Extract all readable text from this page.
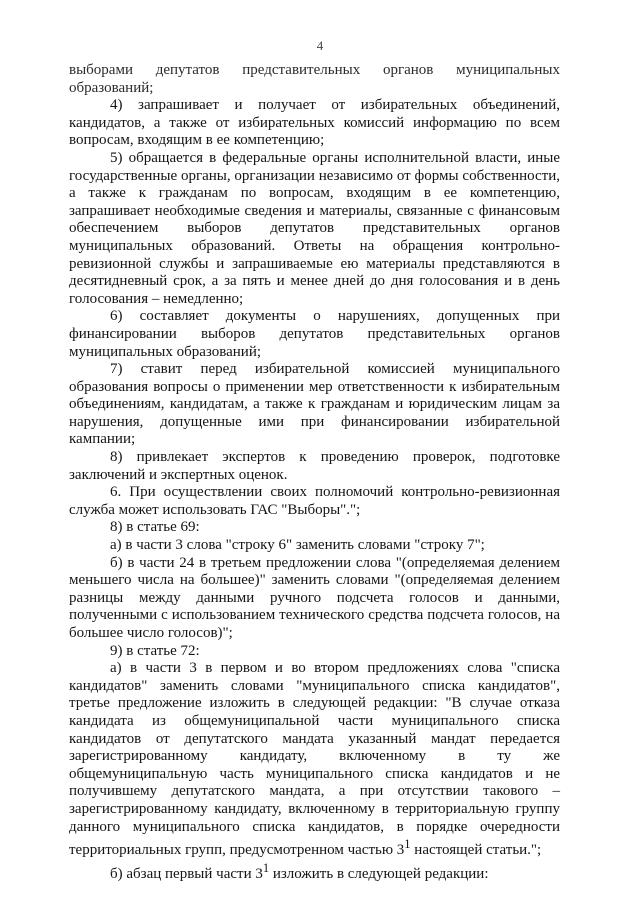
4

выборами депутатов представительных органов муниципальных образований;

4) запрашивает и получает от избирательных объединений, кандидатов, а также от избирательных комиссий информацию по всем вопросам, входящим в ее компетенцию;

5) обращается в федеральные органы исполнительной власти, иные государственные органы, организации независимо от формы собственности, а также к гражданам по вопросам, входящим в ее компетенцию, запрашивает необходимые сведения и материалы, связанные с финансовым обеспечением выборов депутатов представительных органов муниципальных образований. Ответы на обращения контрольно-ревизионной службы и запрашиваемые ею материалы представляются в десятидневный срок, а за пять и менее дней до дня голосования и в день голосования – немедленно;

6) составляет документы о нарушениях, допущенных при финансировании выборов депутатов представительных органов муниципальных образований;

7) ставит перед избирательной комиссией муниципального образования вопросы о применении мер ответственности к избирательным объединениям, кандидатам, а также к гражданам и юридическим лицам за нарушения, допущенные ими при финансировании избирательной кампании;

8) привлекает экспертов к проведению проверок, подготовке заключений и экспертных оценок.

6. При осуществлении своих полномочий контрольно-ревизионная служба может использовать ГАС "Выборы".";

8) в статье 69:

а) в части 3 слова "строку 6" заменить словами "строку 7";

б) в части 24 в третьем предложении слова "(определяемая делением меньшего числа на большее)" заменить словами "(определяемая делением разницы между данными ручного подсчета голосов и данными, полученными с использованием технического средства подсчета голосов, на большее число голосов)";

9) в статье 72:

а) в части 3 в первом и во втором предложениях слова "списка кандидатов" заменить словами "муниципального списка кандидатов", третье предложение изложить в следующей редакции: "В случае отказа кандидата из общемуниципальной части муниципального списка кандидатов от депутатского мандата указанный мандат передается зарегистрированному кандидату, включенному в ту же общемуниципальную часть муниципального списка кандидатов и не получившему депутатского мандата, а при отсутствии такового – зарегистрированному кандидату, включенному в территориальную группу данного муниципального списка кандидатов, в порядке очередности территориальных групп, предусмотренном частью $3^1$ настоящей статьи.";

б) абзац первый части $3^1$ изложить в следующей редакции:
